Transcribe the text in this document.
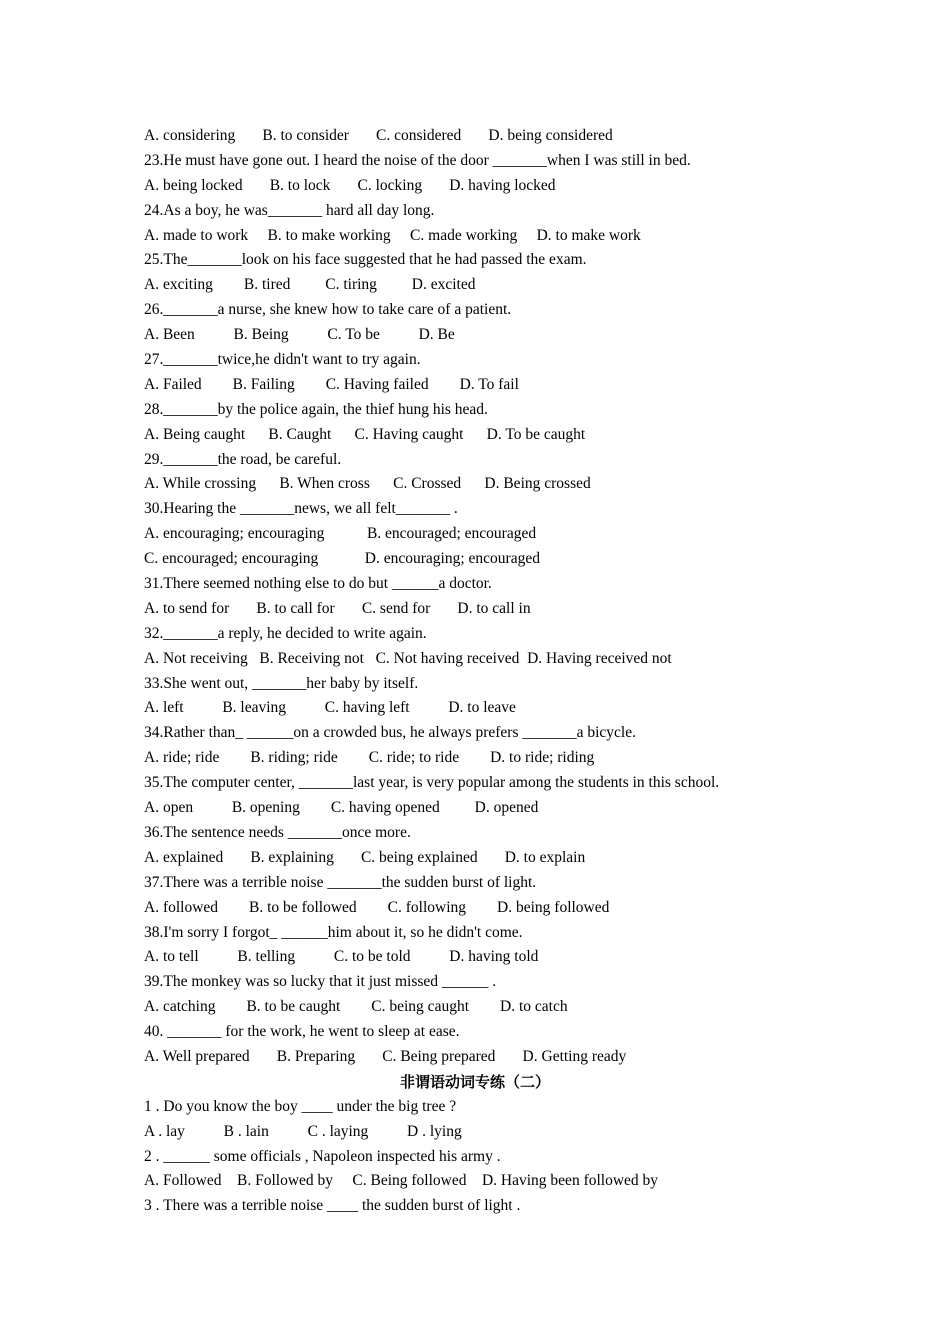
A. considering       B. to consider       C. considered       D. being considered
23.He must have gone out. I heard the noise of the door _______when I was still in bed.
A. being locked       B. to lock       C. locking       D. having locked
24.As a boy, he was_______ hard all day long.
A. made to work     B. to make working     C. made working     D. to make work
25.The_______look on his face suggested that he had passed the exam.
A. exciting        B. tired         C. tiring         D. excited
26._______a nurse, she knew how to take care of a patient.
A. Been          B. Being          C. To be          D. Be
27._______twice,he didn't want to try again.
A. Failed        B. Failing        C. Having failed        D. To fail
28._______by the police again, the thief hung his head.
A. Being caught      B. Caught      C. Having caught      D. To be caught
29._______the road, be careful.
A. While crossing      B. When cross      C. Crossed      D. Being crossed
30.Hearing the _______news, we all felt_______ .
A. encouraging; encouraging           B. encouraged; encouraged
C. encouraged; encouraging            D. encouraging; encouraged
31.There seemed nothing else to do but ______a doctor.
A. to send for       B. to call for       C. send for       D. to call in
32._______a reply, he decided to write again.
A. Not receiving   B. Receiving not   C. Not having received  D. Having received not
33.She went out, _______her baby by itself.
A. left          B. leaving          C. having left          D. to leave
34.Rather than_ ______on a crowded bus, he always prefers _______a bicycle.
A. ride; ride        B. riding; ride        C. ride; to ride        D. to ride; riding
35.The computer center, _______last year, is very popular among the students in this school.
A. open          B. opening        C. having opened         D. opened
36.The sentence needs _______once more.
A. explained       B. explaining       C. being explained       D. to explain
37.There was a terrible noise _______the sudden burst of light.
A. followed        B. to be followed        C. following        D. being followed
38.I'm sorry I forgot_ ______him about it, so he didn't come.
A. to tell          B. telling          C. to be told          D. having told
39.The monkey was so lucky that it just missed ______ .
A. catching        B. to be caught        C. being caught        D. to catch
40. _______ for the work, he went to sleep at ease.
A. Well prepared       B. Preparing       C. Being prepared       D. Getting ready
非谓语动词专练（二）
1 . Do you know the boy ____ under the big tree ?
A . lay          B . lain          C . laying          D . lying
2 . ______ some officials , Napoleon inspected his army .
A. Followed    B. Followed by     C. Being followed    D. Having been followed by
3 . There was a terrible noise ____ the sudden burst of light .
